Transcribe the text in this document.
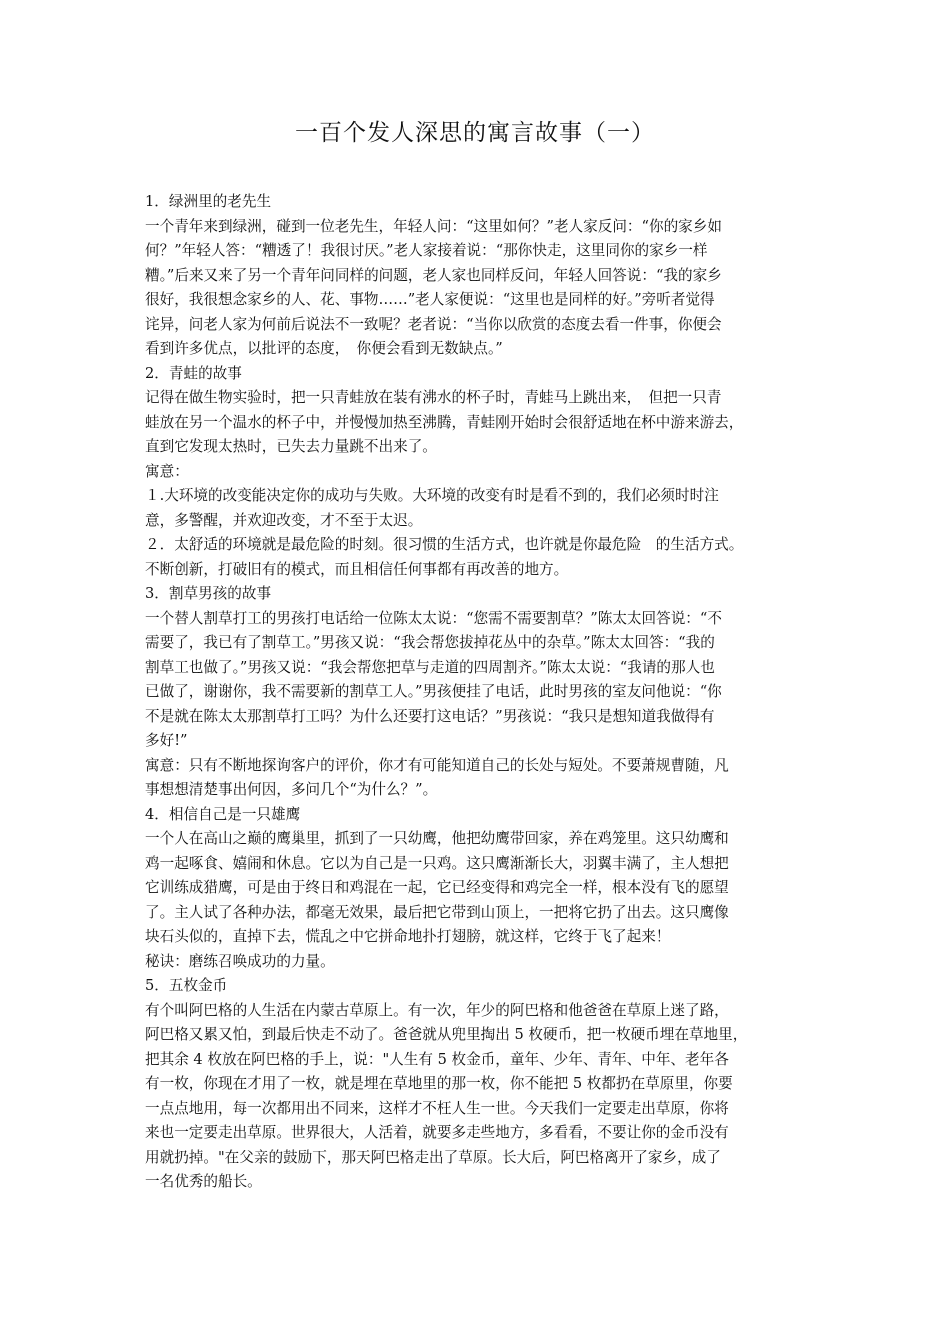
一百个发人深思的寓言故事（一）
1．绿洲里的老先生
一个青年来到绿洲，碰到一位老先生，年轻人问：“这里如何？”老人家反问：“你的家乡如
何？”年轻人答：“糟透了！我很讨厌。”老人家接着说：“那你快走，这里同你的家乡一样
糟。”后来又来了另一个青年问同样的问题，老人家也同样反问，年轻人回答说：“我的家乡
很好，我很想念家乡的人、花、事物……”老人家便说：“这里也是同样的好。”旁听者觉得
诧异，问老人家为何前后说法不一致呢？老者说：“当你以欣赏的态度去看一件事，你便会
看到许多优点，以批评的态度，　你便会看到无数缺点。”
2．青蛙的故事
记得在做生物实验时，把一只青蛙放在装有沸水的杯子时，青蛙马上跳出来，　但把一只青
蛙放在另一个温水的杯子中，并慢慢加热至沸腾，青蛙刚开始时会很舒适地在杯中游来游去，
直到它发现太热时，已失去力量跳不出来了。
寓意：
１.大环境的改变能决定你的成功与失败。大环境的改变有时是看不到的，我们必须时时注
意，多警醒，并欢迎改变，才不至于太迟。
２．太舒适的环境就是最危险的时刻。很习惯的生活方式，也许就是你最危险　的生活方式。
不断创新，打破旧有的模式，而且相信任何事都有再改善的地方。
3．割草男孩的故事
一个替人割草打工的男孩打电话给一位陈太太说：“您需不需要割草？”陈太太回答说：“不
需要了，我已有了割草工。”男孩又说：“我会帮您拔掉花丛中的杂草。”陈太太回答：“我的
割草工也做了。”男孩又说：“我会帮您把草与走道的四周割齐。”陈太太说：“我请的那人也
已做了，谢谢你，我不需要新的割草工人。”男孩便挂了电话，此时男孩的室友问他说：“你
不是就在陈太太那割草打工吗？为什么还要打这电话？”男孩说：“我只是想知道我做得有
多好!”
寓意：只有不断地探询客户的评价，你才有可能知道自己的长处与短处。不要萧规曹随，凡
事想想清楚事出何因，多问几个“为什么？”。
4．相信自己是一只雄鹰
一个人在高山之巅的鹰巢里，抓到了一只幼鹰，他把幼鹰带回家，养在鸡笼里。这只幼鹰和
鸡一起啄食、嬉闹和休息。它以为自己是一只鸡。这只鹰渐渐长大，羽翼丰满了，主人想把
它训练成猎鹰，可是由于终日和鸡混在一起，它已经变得和鸡完全一样，根本没有飞的愿望
了。主人试了各种办法，都毫无效果，最后把它带到山顶上，一把将它扔了出去。这只鹰像
块石头似的，直掉下去，慌乱之中它拼命地扑打翅膀，就这样，它终于飞了起来！
秘诀：磨练召唤成功的力量。
5．五枚金币
有个叫阿巴格的人生活在内蒙古草原上。有一次，年少的阿巴格和他爸爸在草原上迷了路，
阿巴格又累又怕，到最后快走不动了。爸爸就从兜里掏出 5 枚硬币，把一枚硬币埋在草地里，
把其余 4 枚放在阿巴格的手上，说："人生有 5 枚金币，童年、少年、青年、中年、老年各
有一枚，你现在才用了一枚，就是埋在草地里的那一枚，你不能把 5 枚都扔在草原里，你要
一点点地用，每一次都用出不同来，这样才不枉人生一世。今天我们一定要走出草原，你将
来也一定要走出草原。世界很大，人活着，就要多走些地方，多看看，不要让你的金币没有
用就扔掉。"在父亲的鼓励下，那天阿巴格走出了草原。长大后，阿巴格离开了家乡，成了
一名优秀的船长。
